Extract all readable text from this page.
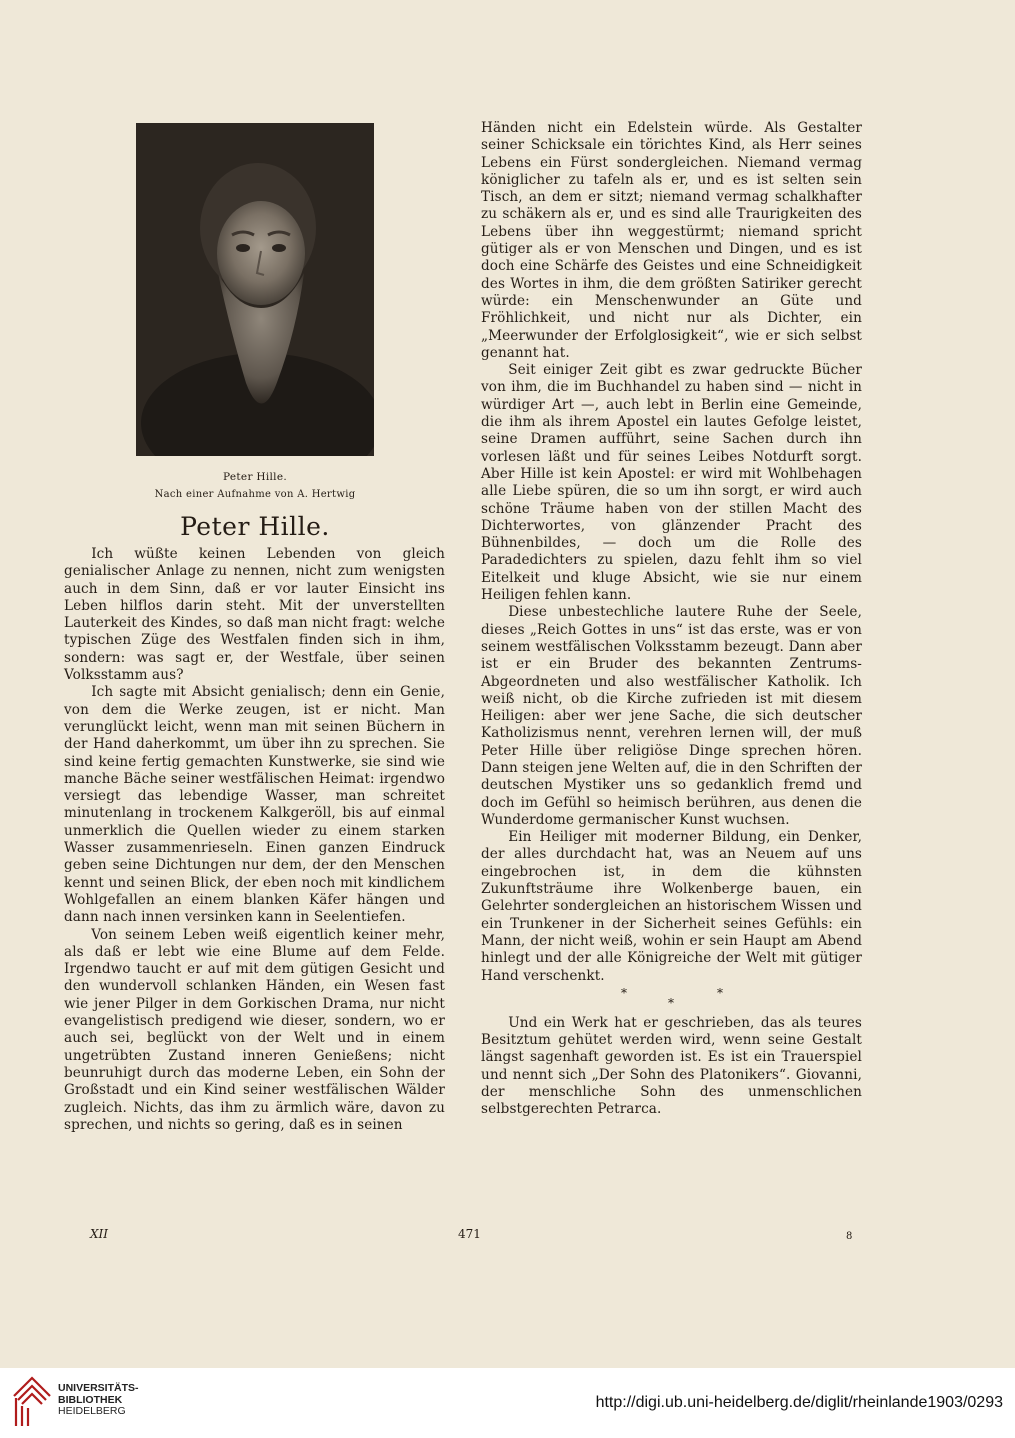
Peter Hille.
Nach einer Aufnahme von A. Hertwig
Peter Hille.

Ich wüßte keinen Lebenden von gleich genialischer Anlage zu nennen, nicht zum wenigsten auch in dem Sinn, daß er vor lauter Einsicht ins Leben hilflos darin steht. Mit der unverstellten Lauterkeit des Kindes, so daß man nicht fragt: welche typischen Züge des Westfalen finden sich in ihm, sondern: was sagt er, der Westfale, über seinen Volksstamm aus?

Ich sagte mit Absicht genialisch; denn ein Genie, von dem die Werke zeugen, ist er nicht. Man verunglückt leicht, wenn man mit seinen Büchern in der Hand daherkommt, um über ihn zu sprechen. Sie sind keine fertig gemachten Kunstwerke, sie sind wie manche Bäche seiner westfälischen Heimat: irgendwo versiegt das lebendige Wasser, man schreitet minutenlang in trockenem Kalkgeröll, bis auf einmal unmerklich die Quellen wieder zu einem starken Wasser zusammenrieseln. Einen ganzen Eindruck geben seine Dichtungen nur dem, der den Menschen kennt und seinen Blick, der eben noch mit kindlichem Wohlgefallen an einem blanken Käfer hängen und dann nach innen versinken kann in Seelentiefen.

Von seinem Leben weiß eigentlich keiner mehr, als daß er lebt wie eine Blume auf dem Felde. Irgendwo taucht er auf mit dem gütigen Gesicht und den wundervoll schlanken Händen, ein Wesen fast wie jener Pilger in dem Gorkischen Drama, nur nicht evangelistisch predigend wie dieser, sondern, wo er auch sei, beglückt von der Welt und in einem ungetrübten Zustand inneren Genießens; nicht beunruhigt durch das moderne Leben, ein Sohn der Großstadt und ein Kind seiner westfälischen Wälder zugleich. Nichts, das ihm zu ärmlich wäre, davon zu sprechen, und nichts so gering, daß es in seinen

Händen nicht ein Edelstein würde. Als Gestalter seiner Schicksale ein törichtes Kind, als Herr seines Lebens ein Fürst sondergleichen. Niemand vermag königlicher zu tafeln als er, und es ist selten sein Tisch, an dem er sitzt; niemand vermag schalkhafter zu schäkern als er, und es sind alle Traurigkeiten des Lebens über ihn weggestürmt; niemand spricht gütiger als er von Menschen und Dingen, und es ist doch eine Schärfe des Geistes und eine Schneidigkeit des Wortes in ihm, die dem größten Satiriker gerecht würde: ein Menschenwunder an Güte und Fröhlichkeit, und nicht nur als Dichter, ein „Meerwunder der Erfolglosigkeit“, wie er sich selbst genannt hat.

Seit einiger Zeit gibt es zwar gedruckte Bücher von ihm, die im Buchhandel zu haben sind — nicht in würdiger Art —, auch lebt in Berlin eine Gemeinde, die ihm als ihrem Apostel ein lautes Gefolge leistet, seine Dramen aufführt, seine Sachen durch ihn vorlesen läßt und für seines Leibes Notdurft sorgt. Aber Hille ist kein Apostel: er wird mit Wohlbehagen alle Liebe spüren, die so um ihn sorgt, er wird auch schöne Träume haben von der stillen Macht des Dichterwortes, von glänzender Pracht des Bühnenbildes, — doch um die Rolle des Paradedichters zu spielen, dazu fehlt ihm so viel Eitelkeit und kluge Absicht, wie sie nur einem Heiligen fehlen kann.

Diese unbestechliche lautere Ruhe der Seele, dieses „Reich Gottes in uns“ ist das erste, was er von seinem westfälischen Volksstamm bezeugt. Dann aber ist er ein Bruder des bekannten Zentrums-Abgeordneten und also westfälischer Katholik. Ich weiß nicht, ob die Kirche zufrieden ist mit diesem Heiligen: aber wer jene Sache, die sich deutscher Katholizismus nennt, verehren lernen will, der muß Peter Hille über religiöse Dinge sprechen hören. Dann steigen jene Welten auf, die in den Schriften der deutschen Mystiker uns so gedanklich fremd und doch im Gefühl so heimisch berühren, aus denen die Wunderdome germanischer Kunst wuchsen.

Ein Heiliger mit moderner Bildung, ein Denker, der alles durchdacht hat, was an Neuem auf uns eingebrochen ist, in dem die kühnsten Zukunftsträume ihre Wolkenberge bauen, ein Gelehrter sondergleichen an historischem Wissen und ein Trunkener in der Sicherheit seines Gefühls: ein Mann, der nicht weiß, wohin er sein Haupt am Abend hinlegt und der alle Königreiche der Welt mit gütiger Hand verschenkt.

*
*
*

Und ein Werk hat er geschrieben, das als teures Besitztum gehütet werden wird, wenn seine Gestalt längst sagenhaft geworden ist. Es ist ein Trauerspiel und nennt sich „Der Sohn des Platonikers“. Giovanni, der menschliche Sohn des unmenschlichen selbstgerechten Petrarca.

XII	471	8
UNIVERSITÄTS-
BIBLIOTHEK
HEIDELBERG	http://digi.ub.uni-heidelberg.de/diglit/rheinlande1903/0293
